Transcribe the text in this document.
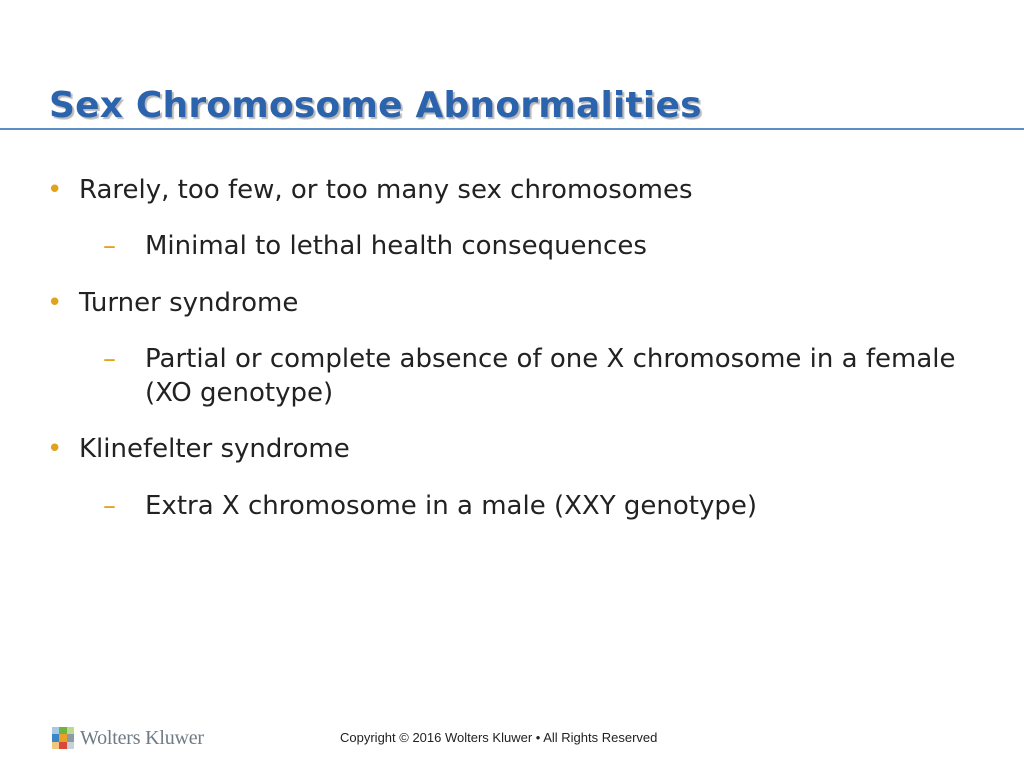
Sex Chromosome Abnormalities
• Rarely, too few, or too many sex chromosomes
– Minimal to lethal health consequences
• Turner syndrome
– Partial or complete absence of one X chromosome in a female (XO genotype)
• Klinefelter syndrome
– Extra X chromosome in a male (XXY genotype)
Wolters Kluwer	Copyright © 2016 Wolters Kluwer • All Rights Reserved
